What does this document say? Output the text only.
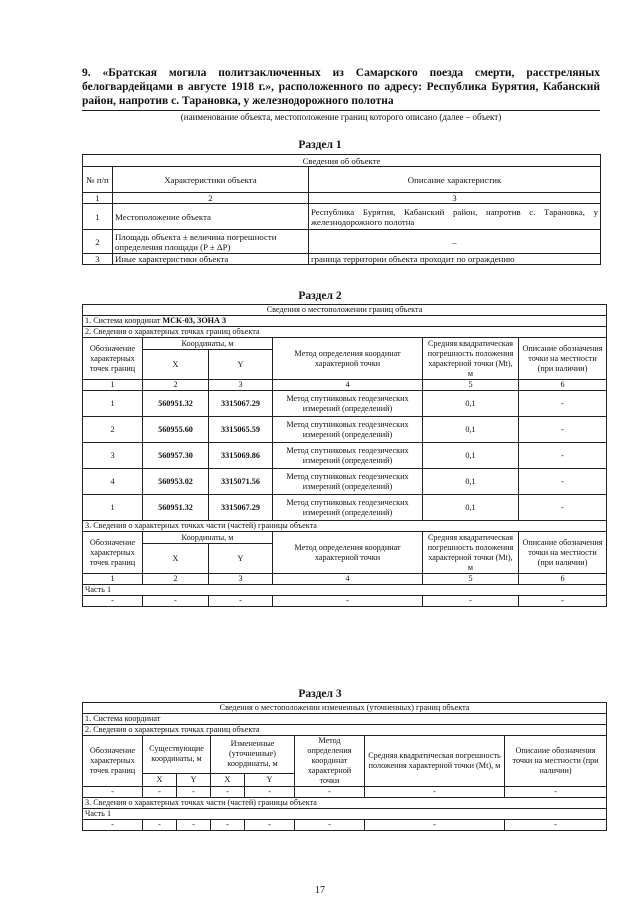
9. «Братская могила политзаключенных из Самарского поезда смерти, расстреляных белогвардейцами в августе 1918 г.», расположенного по адресу: Республика Бурятия, Кабанский район, напротив с. Тарановка, у железнодорожного полотна
(наименование объекта, местоположение границ которого описано (далее – объект)
Раздел 1
Сведения об объекте		
№ п/п	Характеристики объекта	Описание характеристик
1	2	3
1	Местоположение объекта	Республика Бурятия, Кабанский район, напротив с. Тарановка, у железнодорожного полотна
2	Площадь объекта ± величина погрешности определения площади (P ± ΔP)	–
3	Иные характеристики объекта	граница территории объекта проходит по ограждению
Раздел 2
Сведения о местоположении границ объекта					
1. Система координат МСК-03, ЗОНА 3					
2. Сведения о характерных точках границ объекта					
Обозначение характерных точек границ	Координаты, м		Метод определения координат характерной точки	Средняя квадратическая погрешность положения характерной точки (Mt), м	Описание обозначения точки на местности (при наличии)
	X	Y			
1	2	3	4	5	6
1	560951.32	3315067.29	Метод спутниковых геодезических измерений (определений)	0,1	-
2	560955.60	3315065.59	Метод спутниковых геодезических измерений (определений)	0,1	-
3	560957.30	3315069.86	Метод спутниковых геодезических измерений (определений)	0,1	-
4	560953.02	3315071.56	Метод спутниковых геодезических измерений (определений)	0,1	-
1	560951.32	3315067.29	Метод спутниковых геодезических измерений (определений)	0,1	-
3. Сведения о характерных точках части (частей) границы объекта					
Обозначение характерных точек границ	Координаты, м		Метод определения координат характерной точки	Средняя квадратическая погрешность положения характерной точки (Mt), м	Описание обозначения точки на местности (при наличии)
	X	Y			
1	2	3	4	5	6
Часть 1					
-	-	-	-	-	-
Раздел 3
Сведения о местоположении измененных (уточненных) границ объекта							
1. Система координат							
2. Сведения о характерных точках границ объекта							
Обозначение характерных точек границ	Существующие координаты, м		Измененные (уточненные) координаты, м		Метод определения координат характерной точки	Средняя квадратическая погрешность положения характерной точки (Mt), м	Описание обозначения точки на местности (при наличии)
	X	Y	X	Y			
-	-	-	-	-	-	-	-
3. Сведения о характерных точках части (частей) границы объекта							
Часть 1							
-	-	-	-	-	-	-	-
17
